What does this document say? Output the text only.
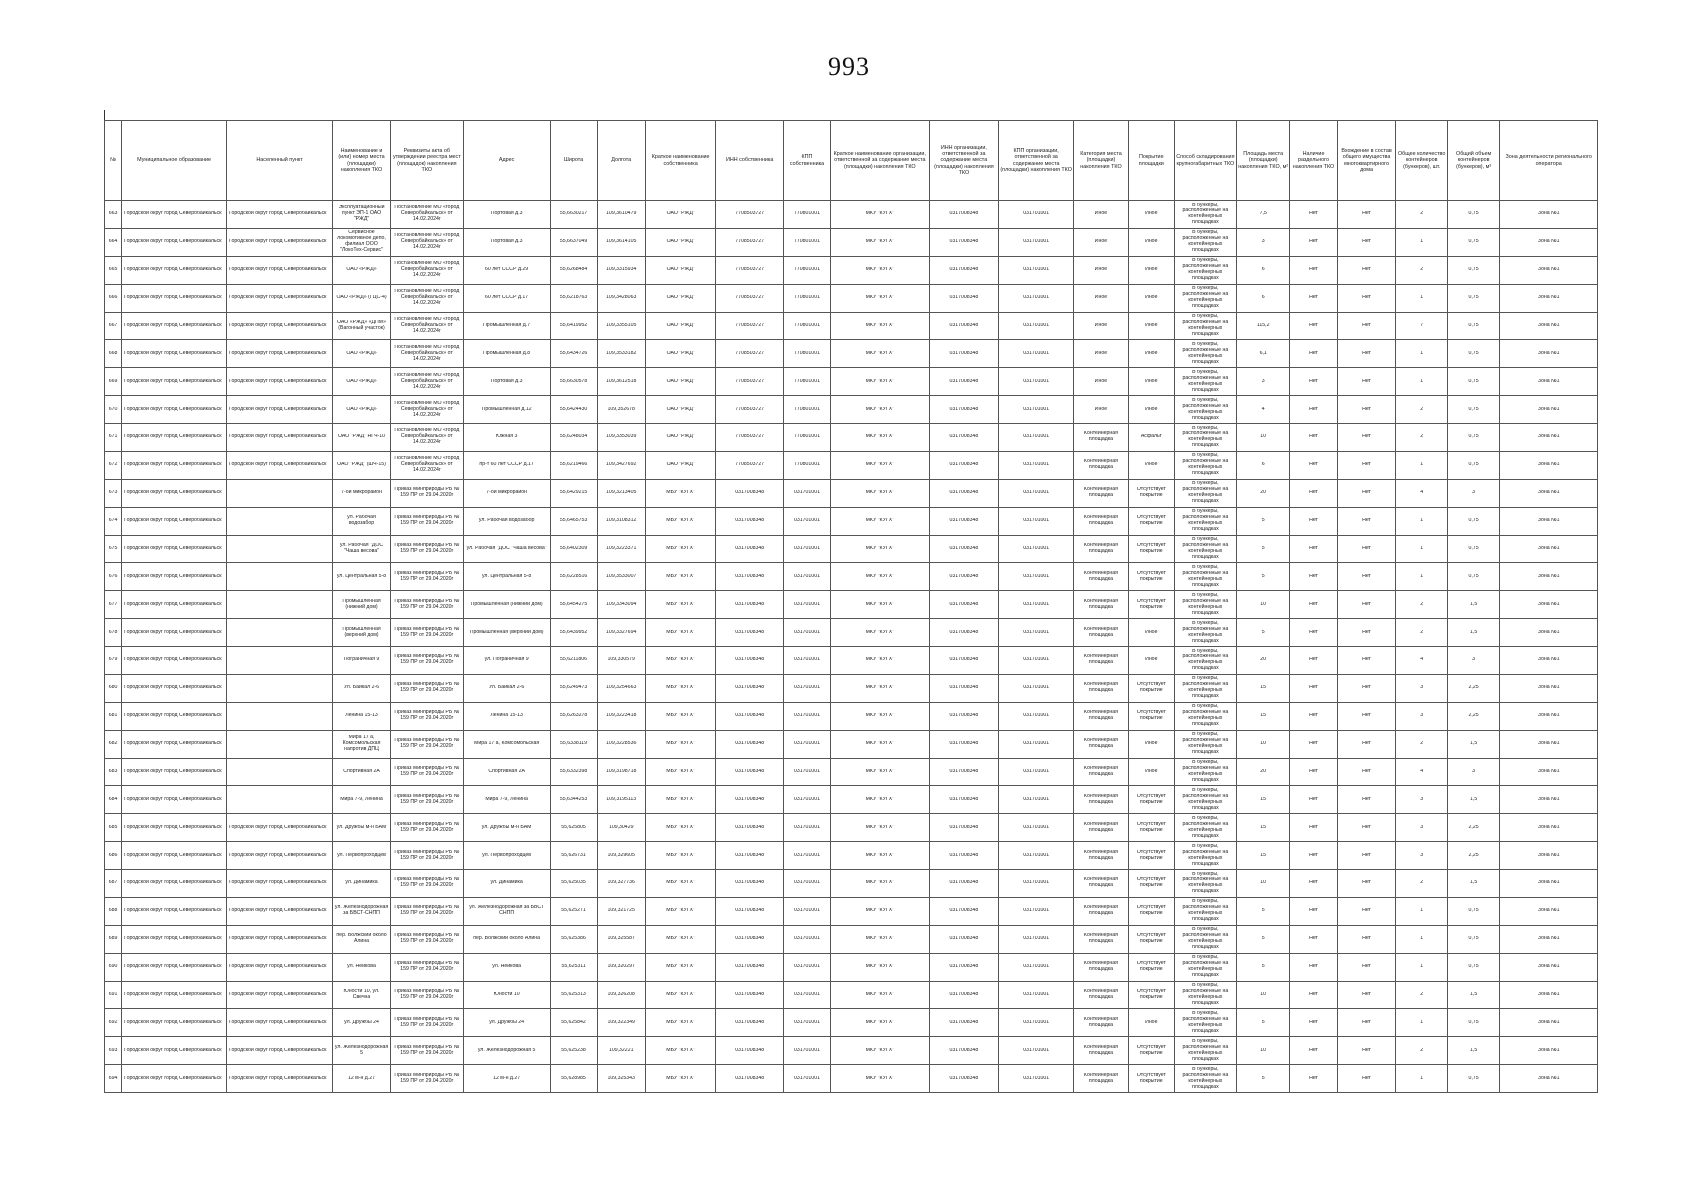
993
№	Муниципальное образование	Населенный пункт	Наименование и (или) номер места (площадки) накопления ТКО	Реквизиты акта об утверждении реестра мест (площадок) накопления ТКО	Адрес	Широта	Долгота	Краткое наименование собственника	ИНН собственника	КПП собственника	Краткое наименование организации, ответственной за содержание места (площадки) накопления ТКО	ИНН организации, ответственной за содержание места (площадки) накопления ТКО	КПП организации, ответственной за содержание места (площадки) накопления ТКО	Категория места (площадки) накопления ТКО	Покрытие площадки	Способ складирования крупногабаритных ТКО	Площадь места (площадки) накопления ТКО, м²	Наличие раздельного накопления ТКО	Вхождение в состав общего имущества многоквартирного дома	Общее количество контейнеров (бункеров), шт.	Общий объем контейнеров (бункеров), м³	Зона деятельности регионального оператора

663	Городской округ город Северобайкальск	Городской округ город Северобайкальск	Эксплуатационный пункт ЭП-1 ОАО "РЖД"	Постановление МО «город Северобайкальск» от 14.02.2024г	Портовая д.3	55,6630217	109,3610479	ОАО "РЖД"	7708503727	770801001	МКУ "КУГХ"	0317008348	031701001	Иное	Иное	В бункеры, расположенные на контейнерных площадках	7,5	Нет	Нет	2	0,75	Зона №1

664	Городской округ город Северобайкальск	Городской округ город Северобайкальск	Сервисное локомотивное депо, филиал ООО "ЛокоТех-Сервис"	Постановление МО «город Северобайкальск» от 14.02.2024г	Портовая д.3	55,6637049	109,3614105	ОАО "РЖД"	7708503727	770801001	МКУ "КУГХ"	0317008348	031701001	Иное	Иное	В бункеры, расположенные на контейнерных площадках	3	Нет	Нет	1	0,75	Зона №1

665	Городской округ город Северобайкальск	Городской округ город Северобайкальск	ОАО «РЖД»	Постановление МО «город Северобайкальск» от 14.02.2024г	60 лет СССР д.29	55,6268484	109,3315934	ОАО "РЖД"	7708503727	770801001	МКУ "КУГХ"	0317008348	031701001	Иное	Иное	В бункеры, расположенные на контейнерных площадках	6	Нет	Нет	2	0,75	Зона №1

666	Городской округ город Северобайкальск	Городской округ город Северобайкальск	ОАО «РЖД» (ГЦС-4)	Постановление МО «город Северобайкальск» от 14.02.2024г	60 лет СССР д.17	55,6218763	109,3428063	ОАО "РЖД"	7708503727	770801001	МКУ "КУГХ"	0317008348	031701001	Иное	Иное	В бункеры, расположенные на контейнерных площадках	6	Нет	Нет	1	0,75	Зона №1

667	Городской округ город Северобайкальск	Городской округ город Северобайкальск	ОАО «РЖД» «ДПМ» (Вагонный участок)	Постановление МО «город Северобайкальск» от 14.02.2024г	Промышленная д.7	55,6419952	109,3355105	ОАО "РЖД"	7708503727	770801001	МКУ "КУГХ"	0317008348	031701001	Иное	Иное	В бункеры, расположенные на контейнерных площадках	115,2	Нет	Нет	7	0,75	Зона №1

668	Городской округ город Северобайкальск	Городской округ город Северобайкальск	ОАО «РЖД»	Постановление МО «город Северобайкальск» от 14.02.2024г	Промышленная д.8	55,6434726	109,3533182	ОАО "РЖД"	7708503727	770801001	МКУ "КУГХ"	0317008348	031701001	Иное	Иное	В бункеры, расположенные на контейнерных площадках	6,1	Нет	Нет	1	0,75	Зона №1

669	Городской округ город Северобайкальск	Городской округ город Северобайкальск	ОАО «РЖД»	Постановление МО «город Северобайкальск» от 14.02.2024г	Портовая д.3	55,6630578	109,3612518	ОАО "РЖД"	7708503727	770801001	МКУ "КУГХ"	0317008348	031701001	Иное	Иное	В бункеры, расположенные на контейнерных площадках	3	Нет	Нет	1	0,75	Зона №1

670	Городской округ город Северобайкальск	Городской округ город Северобайкальск	ОАО «РЖД»	Постановление МО «город Северобайкальск» от 14.02.2024г	Промышленная д.12	55,6424430	109,352678	ОАО "РЖД"	7708503727	770801001	МКУ "КУГХ"	0317008348	031701001	Иное	Иное	В бункеры, расположенные на контейнерных площадках	4	Нет	Нет	2	0,75	Зона №1

671	Городской округ город Северобайкальск	Городской округ город Северобайкальск	ОАО "РЖД" НГЧ-10	Постановление МО «город Северобайкальск» от 14.02.2024г	Южная 3	55,6248034	109,3353039	ОАО "РЖД"	7708503727	770801001	МКУ "КУГХ"	0317008348	031701001	Контейнерная площадка	Асфальт	В бункеры, расположенные на контейнерных площадках	10	Нет	Нет	2	0,75	Зона №1

672	Городской округ город Северобайкальск	Городской округ город Северобайкальск	ОАО "РЖД" (ШЧ-15)	Постановление МО «город Северобайкальск» от 14.02.2024г	пр-т 60 лет СССР д.17	55,6219466	109,3427692	ОАО "РЖД"	7708503727	770801001	МКУ "КУГХ"	0317008348	031701001	Контейнерная площадка	Иное	В бункеры, расположенные на контейнерных площадках	6	Нет	Нет	1	0,75	Зона №1

673	Городской округ город Северобайкальск		7-ой микрорайон	Приказ Минприроды РБ № 159 ПР от 29.04.2020г	7-ой микрорайон	55,6429215	109,3213405	МБУ "КУГХ"	0317008348	031701001	МКУ "КУГХ"	0317008348	031701001	Контейнерная площадка	Отсутствует покрытие	В бункеры, расположенные на контейнерных площадках	20	Нет	Нет	4	3	Зона №1

674	Городской округ город Северобайкальск		ул. Рабочая водозабор	Приказ Минприроды РБ № 159 ПР от 29.04.2020г	ул. Рабочая водозабор	55,6465753	109,3108312	МБУ "КУГХ"	0317008348	031701001	МКУ "КУГХ"	0317008348	031701001	Контейнерная площадка	Отсутствует покрытие	В бункеры, расположенные на контейнерных площадках	5	Нет	Нет	1	0,75	Зона №1

675	Городской округ город Северобайкальск		ул. Рабочая "ДОС "Чаша весова"	Приказ Минприроды РБ № 159 ПР от 29.04.2020г	ул. Рабочая "ДОС "Чаша весова"	55,6402309	109,3223371	МБУ "КУГХ"	0317008348	031701001	МКУ "КУГХ"	0317008348	031701001	Контейнерная площадка	Отсутствует покрытие	В бункеры, расположенные на контейнерных площадках	5	Нет	Нет	1	0,75	Зона №1

676	Городской округ город Северобайкальск		ул. Центральная 5-8	Приказ Минприроды РБ № 159 ПР от 29.04.2020г	ул. Центральная 5-8	55,6228516	109,3533007	МБУ "КУГХ"	0317008348	031701001	МКУ "КУГХ"	0317008348	031701001	Контейнерная площадка	Отсутствует покрытие	В бункеры, расположенные на контейнерных площадках	5	Нет	Нет	1	0,75	Зона №1

677	Городской округ город Северобайкальск		Промышленная (нижний дом)	Приказ Минприроды РБ № 159 ПР от 29.04.2020г	Промышленная (нижний дом)	55,6454275	109,3343094	МБУ "КУГХ"	0317008348	031701001	МКУ "КУГХ"	0317008348	031701001	Контейнерная площадка	Отсутствует покрытие	В бункеры, расположенные на контейнерных площадках	10	Нет	Нет	2	1,5	Зона №1

678	Городской округ город Северобайкальск		Промышленная (верхний дом)	Приказ Минприроды РБ № 159 ПР от 29.04.2020г	Промышленная (верхний дом)	55,6439952	109,3327694	МБУ "КУГХ"	0317008348	031701001	МКУ "КУГХ"	0317008348	031701001	Контейнерная площадка	Иное	В бункеры, расположенные на контейнерных площадках	5	Нет	Нет	2	1,5	Зона №1

679	Городской округ город Северобайкальск		Пограничная 9	Приказ Минприроды РБ № 159 ПР от 29.04.2020г	ул. Пограничная 9	55,6211806	109,330579	МБУ "КУГХ"	0317008348	031701001	МКУ "КУГХ"	0317008348	031701001	Контейнерная площадка	Иное	В бункеры, расположенные на контейнерных площадках	20	Нет	Нет	4	3	Зона №1

680	Городской округ город Северобайкальск		Ул. Байкал 2-6	Приказ Минприроды РБ № 159 ПР от 29.04.2020г	Ул. Байкал 2-6	55,6249473	109,3254663	МБУ "КУГХ"	0317008348	031701001	МКУ "КУГХ"	0317008348	031701001	Контейнерная площадка	Отсутствует покрытие	В бункеры, расположенные на контейнерных площадках	15	Нет	Нет	3	2,25	Зона №1

681	Городской округ город Северобайкальск		Ленина 15-13	Приказ Минприроды РБ № 159 ПР от 29.04.2020г	Ленина 15-13	55,6263278	109,3223418	МБУ "КУГХ"	0317008348	031701001	МКУ "КУГХ"	0317008348	031701001	Контейнерная площадка	Отсутствует покрытие	В бункеры, расположенные на контейнерных площадках	15	Нет	Нет	3	2,25	Зона №1

682	Городской округ город Северобайкальск		Мира 17 а, Комсомольская напротив ДПЦ	Приказ Минприроды РБ № 159 ПР от 29.04.2020г	Мира 17 а, Комсомольская	55,6338119	109,3228536	МБУ "КУГХ"	0317008348	031701001	МКУ "КУГХ"	0317008348	031701001	Контейнерная площадка	Иное	В бункеры, расположенные на контейнерных площадках	10	Нет	Нет	2	1,5	Зона №1

683	Городской округ город Северобайкальск		Спортивная 2А	Приказ Минприроды РБ № 159 ПР от 29.04.2020г	Спортивная 2А	55,6332398	109,3198718	МБУ "КУГХ"	0317008348	031701001	МКУ "КУГХ"	0317008348	031701001	Контейнерная площадка	Иное	В бункеры, расположенные на контейнерных площадках	20	Нет	Нет	4	3	Зона №1

684	Городской округ город Северобайкальск		Мира 7-9, Ленина	Приказ Минприроды РБ № 159 ПР от 29.04.2020г	Мира 7-9, Ленина	55,6344253	109,3195113	МБУ "КУГХ"	0317008348	031701001	МКУ "КУГХ"	0317008348	031701001	Контейнерная площадка	Отсутствует покрытие	В бункеры, расположенные на контейнерных площадках	15	Нет	Нет	3	1,5	Зона №1

685	Городской округ город Северобайкальск	Городской округ город Северобайкальск	ул. Дружбы м-н БАМ	Приказ Минприроды РБ № 159 ПР от 29.04.2020г	ул. Дружбы м-н БАМ	55,625805	109,30429	МБУ "КУГХ"	0317008348	031701001	МКУ "КУГХ"	0317008348	031701001	Контейнерная площадка	Отсутствует покрытие	В бункеры, расположенные на контейнерных площадках	15	Нет	Нет	3	2,25	Зона №1

686	Городской округ город Северобайкальск	Городской округ город Северобайкальск	ул. Первопроходцев	Приказ Минприроды РБ № 159 ПР от 29.04.2020г	ул. Первопроходцев	55,626731	109,329605	МБУ "КУГХ"	0317008348	031701001	МКУ "КУГХ"	0317008348	031701001	Контейнерная площадка	Отсутствует покрытие	В бункеры, расположенные на контейнерных площадках	15	Нет	Нет	3	2,25	Зона №1

687	Городской округ город Северобайкальск	Городской округ город Северобайкальск	ул. Динамика	Приказ Минприроды РБ № 159 ПР от 29.04.2020г	ул. Динамика	55,625035	109,327736	МБУ "КУГХ"	0317008348	031701001	МКУ "КУГХ"	0317008348	031701001	Контейнерная площадка	Отсутствует покрытие	В бункеры, расположенные на контейнерных площадках	10	Нет	Нет	2	1,5	Зона №1

688	Городской округ город Северобайкальск	Городской округ город Северобайкальск	ул. Железнодорожная за БВСТ-СНПП	Приказ Минприроды РБ № 159 ПР от 29.04.2020г	ул. Железнодорожная за БВСТ СНПП	55,625271	109,321725	МБУ "КУГХ"	0317008348	031701001	МКУ "КУГХ"	0317008348	031701001	Контейнерная площадка	Отсутствует покрытие	В бункеры, расположенные на контейнерных площадках	5	Нет	Нет	1	0,75	Зона №1

689	Городской округ город Северобайкальск	Городской округ город Северобайкальск	пер. Волжский около Алина	Приказ Минприроды РБ № 159 ПР от 29.04.2020г	пер. Волжский около Алина	55,625386	109,325587	МБУ "КУГХ"	0317008348	031701001	МКУ "КУГХ"	0317008348	031701001	Контейнерная площадка	Отсутствует покрытие	В бункеры, расположенные на контейнерных площадках	5	Нет	Нет	1	0,75	Зона №1

690	Городской округ город Северобайкальск	Городской округ город Северобайкальск	ул. Нейкова	Приказ Минприроды РБ № 159 ПР от 29.04.2020г	ул. Нейкова	55,625311	109,320297	МБУ "КУГХ"	0317008348	031701001	МКУ "КУГХ"	0317008348	031701001	Контейнерная площадка	Отсутствует покрытие	В бункеры, расположенные на контейнерных площадках	5	Нет	Нет	1	0,75	Зона №1

691	Городской округ город Северобайкальск	Городской округ город Северобайкальск	Юности 10, ул. Свечна	Приказ Минприроды РБ № 159 ПР от 29.04.2020г	Юности 10	55,625313	109,326208	МБУ "КУГХ"	0317008348	031701001	МКУ "КУГХ"	0317008348	031701001	Контейнерная площадка	Отсутствует покрытие	В бункеры, расположенные на контейнерных площадках	10	Нет	Нет	2	1,5	Зона №1

692	Городской округ город Северобайкальск	Городской округ город Северобайкальск	ул. Дружбы 24	Приказ Минприроды РБ № 159 ПР от 29.04.2020г	ул. Дружбы 24	55,625842	109,322349	МБУ "КУГХ"	0317008348	031701001	МКУ "КУГХ"	0317008348	031701001	Контейнерная площадка	Иное	В бункеры, расположенные на контейнерных площадках	5	Нет	Нет	1	0,75	Зона №1

693	Городской округ город Северобайкальск	Городской округ город Северобайкальск	ул. Железнодорожная 5	Приказ Минприроды РБ № 159 ПР от 29.04.2020г	ул. Железнодорожная 5	55,625238	109,32221	МБУ "КУГХ"	0317008348	031701001	МКУ "КУГХ"	0317008348	031701001	Контейнерная площадка	Отсутствует покрытие	В бункеры, расположенные на контейнерных площадках	10	Нет	Нет	2	1,5	Зона №1

694	Городской округ город Северобайкальск	Городской округ город Северобайкальск	12 м-н д.27	Приказ Минприроды РБ № 159 ПР от 29.04.2020г	12 м-н д.27	55,628985	109,325343	МБУ "КУГХ"	0317008348	031701001	МКУ "КУГХ"	0317008348	031701001	Контейнерная площадка	Отсутствует покрытие	В бункеры, расположенные на контейнерных площадках	5	Нет	Нет	1	0,75	Зона №1
